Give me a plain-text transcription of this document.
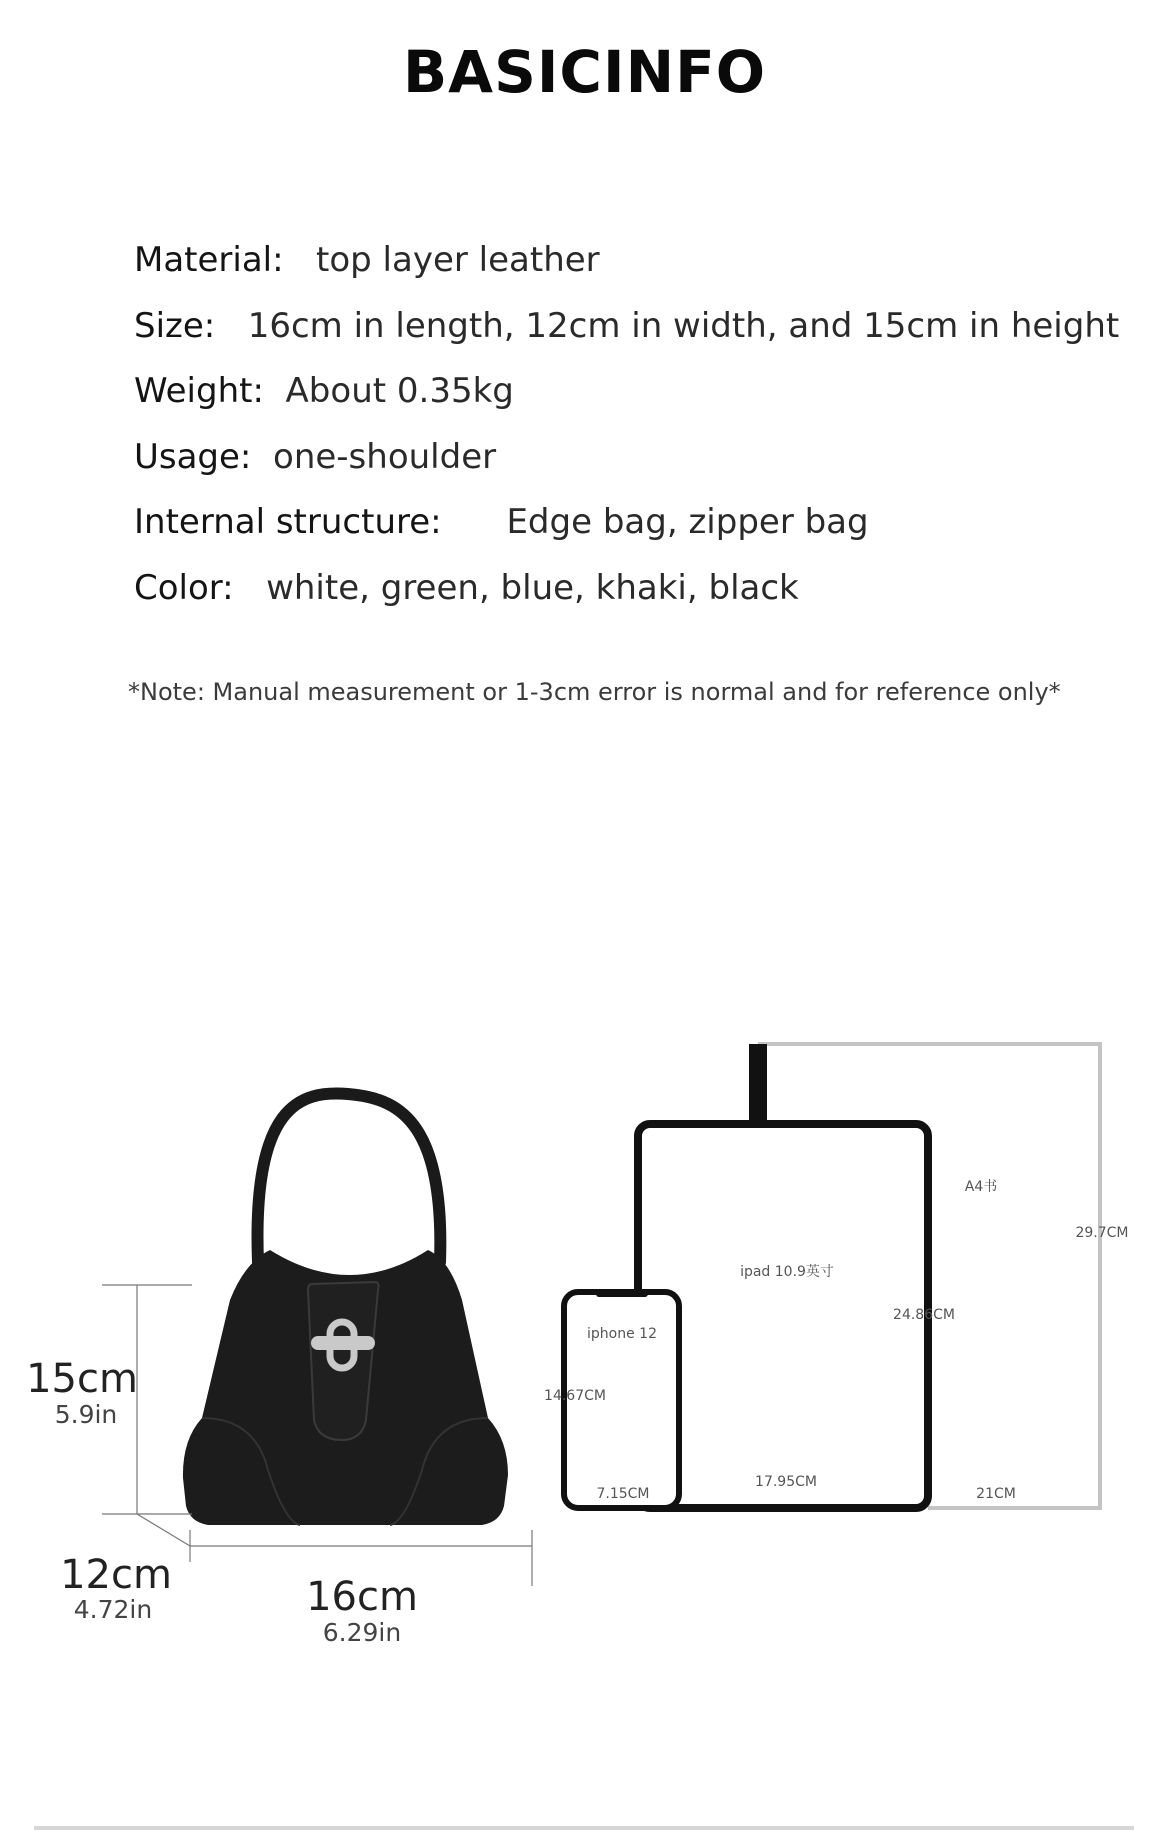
BASICINFO
Material: top layer leather
Size: 16cm in length, 12cm in width, and 15cm in height
Weight: About 0.35kg
Usage: one-shoulder
Internal structure: Edge bag, zipper bag
Color: white, green, blue, khaki, black
*Note: Manual measurement or 1-3cm error is normal and for reference only*
15cm
5.9in
12cm
4.72in	16cm
6.29in
A4书
29.7CM
21CM
ipad 10.9英寸
24.86CM
17.95CM
iphone 12
14.67CM
7.15CM
